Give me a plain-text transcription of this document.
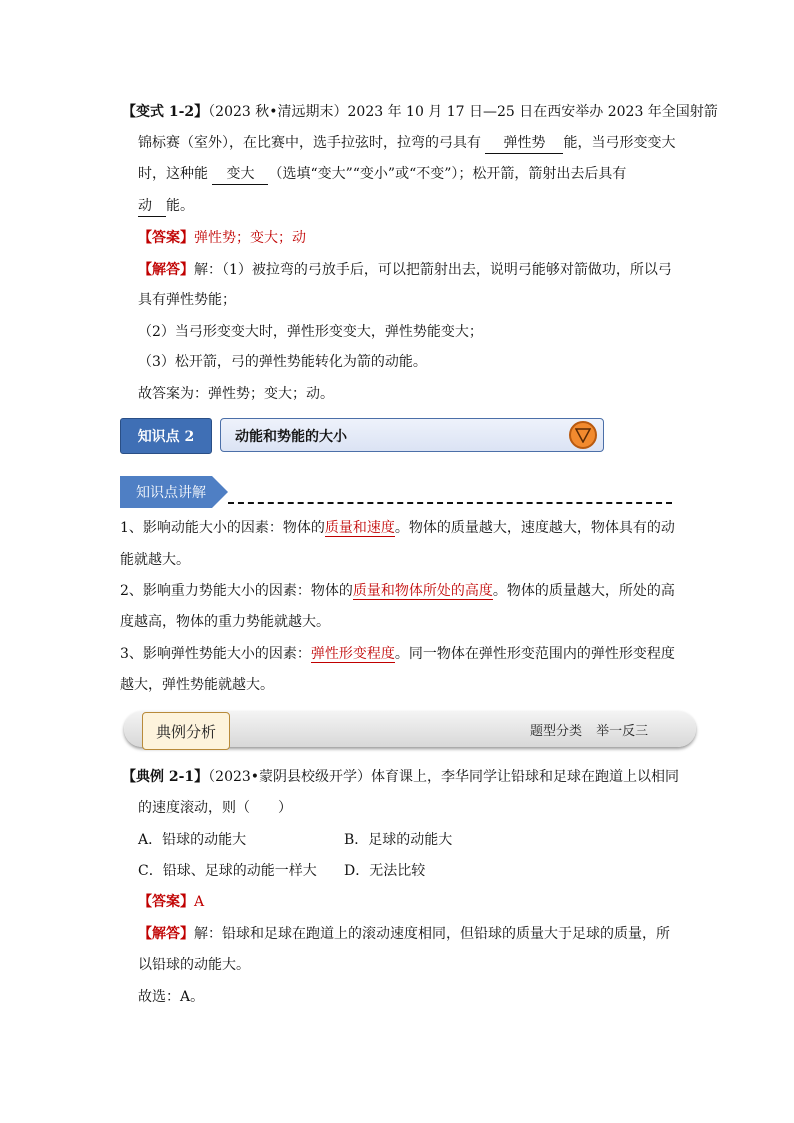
【变式 1-2】（2023 秋•清远期末）2023 年 10 月 17 日—25 日在西安举办 2023 年全国射箭
锦标赛（室外），在比赛中，选手拉弦时，拉弯的弓具有 弹性势 能，当弓形变变大
时，这种能 变大 （选填“变大”“变小”或“不变”）；松开箭，箭射出去后具有
动 能。
【答案】弹性势；变大；动
【解答】解：（1）被拉弯的弓放手后，可以把箭射出去，说明弓能够对箭做功，所以弓
具有弹性势能；
（2）当弓形变变大时，弹性形变变大，弹性势能变大；
（3）松开箭，弓的弹性势能转化为箭的动能。
故答案为：弹性势；变大；动。
知识点 2	动能和势能的大小
知识点讲解
1、影响动能大小的因素：物体的质量和速度。物体的质量越大，速度越大，物体具有的动
能就越大。
2、影响重力势能大小的因素：物体的质量和物体所处的高度。物体的质量越大，所处的高
度越高，物体的重力势能就越大。
3、影响弹性势能大小的因素：弹性形变程度。同一物体在弹性形变范围内的弹性形变程度
越大，弹性势能就越大。
典例分析	题型分类 举一反三
【典例 2-1】（2023•蒙阴县校级开学）体育课上，李华同学让铅球和足球在跑道上以相同
的速度滚动，则（　　）
A．铅球的动能大	B．足球的动能大
C．铅球、足球的动能一样大 D．无法比较
【答案】A
【解答】解：铅球和足球在跑道上的滚动速度相同，但铅球的质量大于足球的质量，所
以铅球的动能大。
故选：A。
